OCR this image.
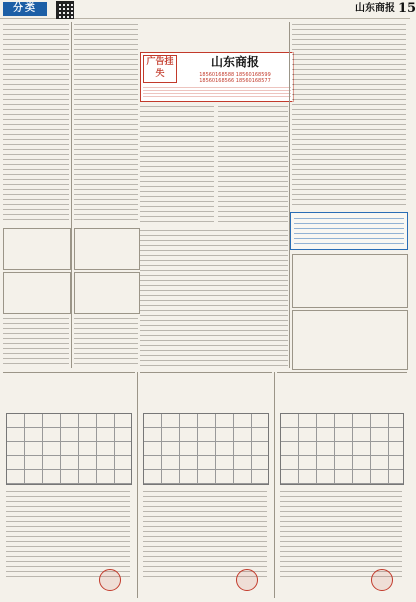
分类	山东商报 15
广告挂失
山东商报
18560168588 18560168599
18560168566 18560168577
